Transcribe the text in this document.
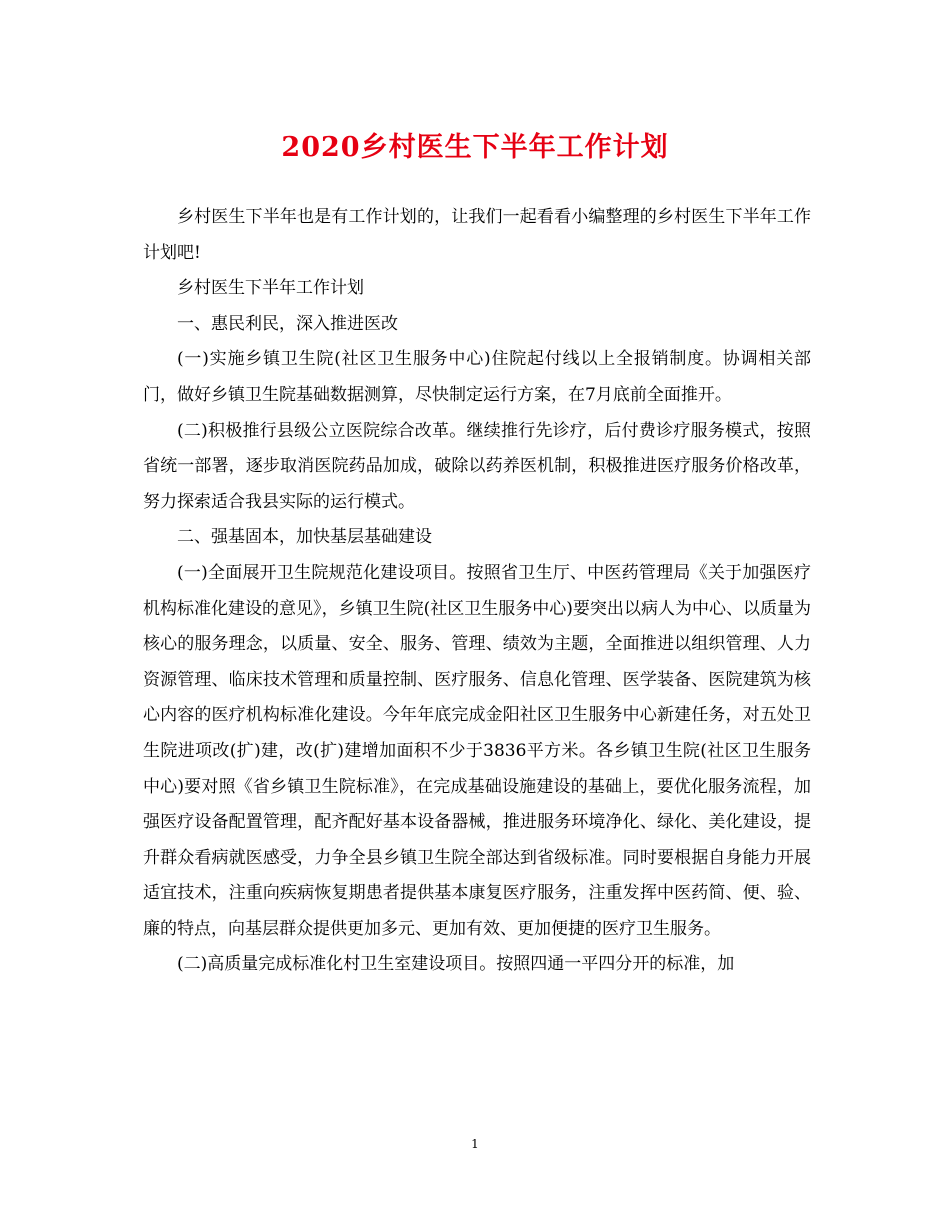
2020乡村医生下半年工作计划

乡村医生下半年也是有工作计划的，让我们一起看看小编整理的乡村医生下半年工作计划吧!

乡村医生下半年工作计划

一、惠民利民，深入推进医改

(一)实施乡镇卫生院(社区卫生服务中心)住院起付线以上全报销制度。协调相关部门，做好乡镇卫生院基础数据测算，尽快制定运行方案，在7月底前全面推开。

(二)积极推行县级公立医院综合改革。继续推行先诊疗，后付费诊疗服务模式，按照省统一部署，逐步取消医院药品加成，破除以药养医机制，积极推进医疗服务价格改革，努力探索适合我县实际的运行模式。

二、强基固本，加快基层基础建设

(一)全面展开卫生院规范化建设项目。按照省卫生厅、中医药管理局《关于加强医疗机构标准化建设的意见》，乡镇卫生院(社区卫生服务中心)要突出以病人为中心、以质量为核心的服务理念，以质量、安全、服务、管理、绩效为主题，全面推进以组织管理、人力资源管理、临床技术管理和质量控制、医疗服务、信息化管理、医学装备、医院建筑为核心内容的医疗机构标准化建设。今年年底完成金阳社区卫生服务中心新建任务，对五处卫生院进项改(扩)建，改(扩)建增加面积不少于3836平方米。各乡镇卫生院(社区卫生服务中心)要对照《省乡镇卫生院标准》，在完成基础设施建设的基础上，要优化服务流程，加强医疗设备配置管理，配齐配好基本设备器械，推进服务环境净化、绿化、美化建设，提升群众看病就医感受，力争全县乡镇卫生院全部达到省级标准。同时要根据自身能力开展适宜技术，注重向疾病恢复期患者提供基本康复医疗服务，注重发挥中医药简、便、验、廉的特点，向基层群众提供更加多元、更加有效、更加便捷的医疗卫生服务。

(二)高质量完成标准化村卫生室建设项目。按照四通一平四分开的标准，加

1
